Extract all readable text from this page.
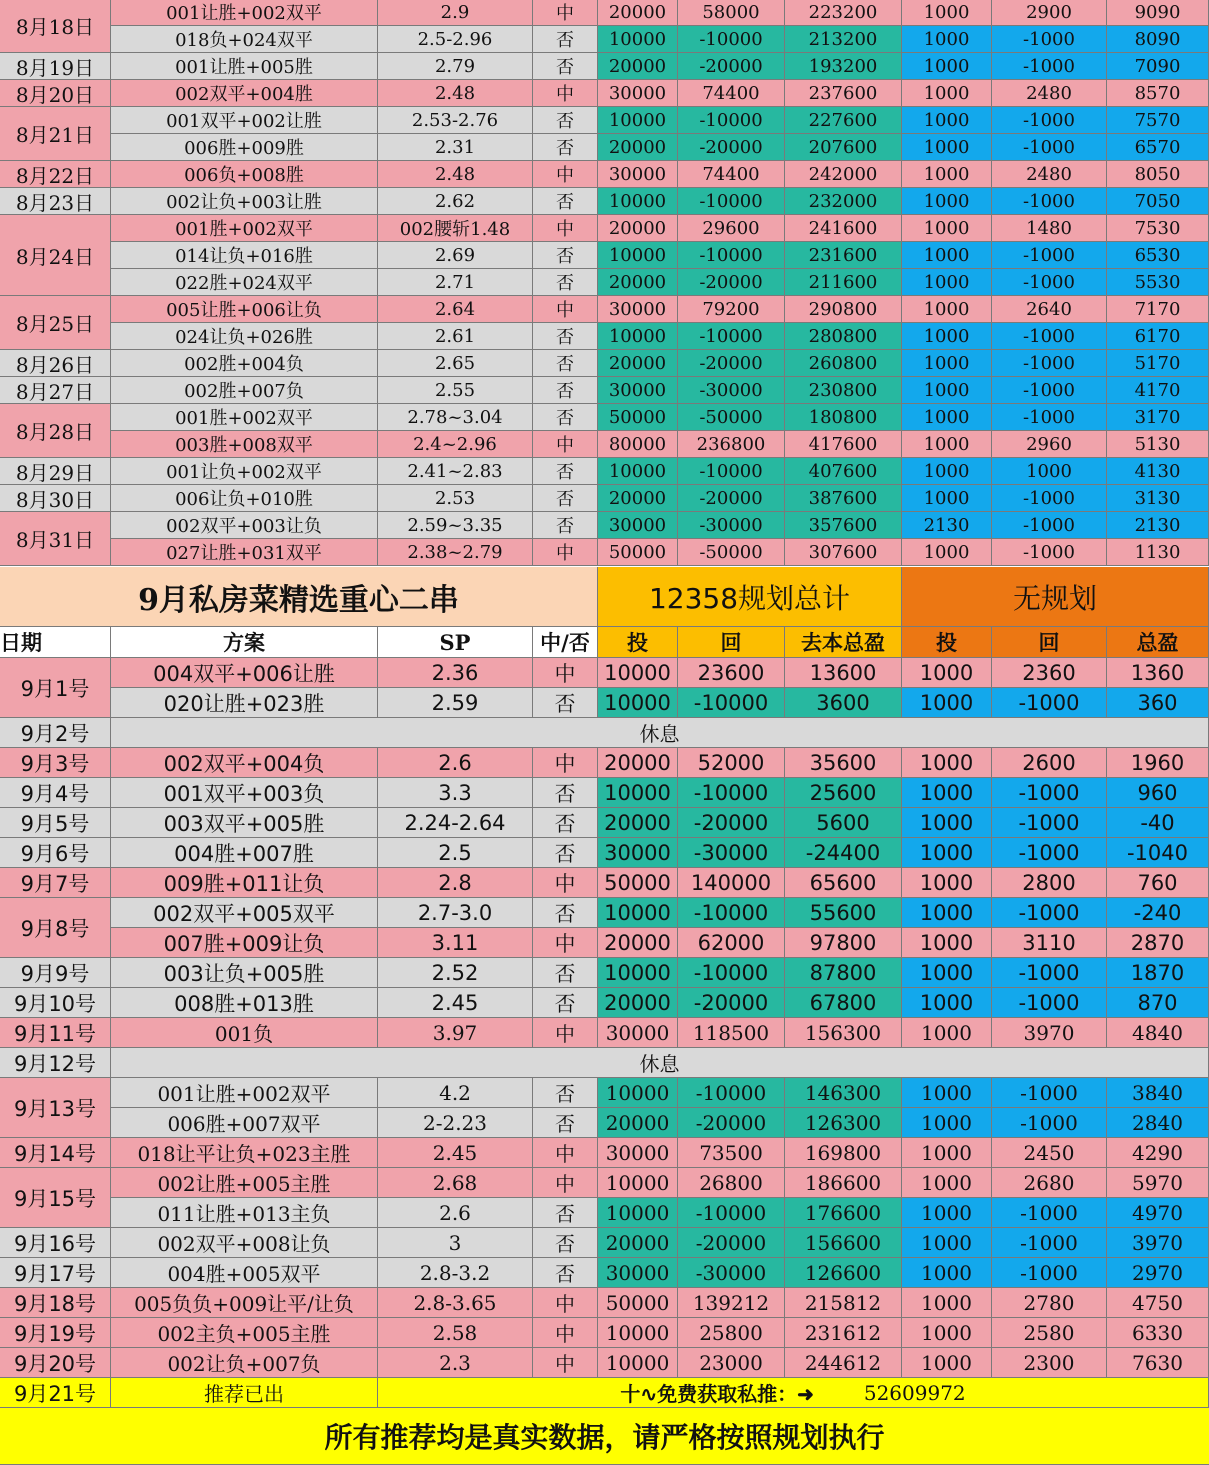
8月18日
001让胜+002双平	2.9	中	20000	58000	223200	1000	2900	9090
018负+024双平	2.5-2.96	否	10000	-10000	213200	1000	-1000	8090
8月19日	001让胜+005胜	2.79	否	20000	-20000	193200	1000	-1000	7090
8月20日	002双平+004胜	2.48	中	30000	74400	237600	1000	2480	8570
8月21日
001双平+002让胜	2.53-2.76	否	10000	-10000	227600	1000	-1000	7570
006胜+009胜	2.31	否	20000	-20000	207600	1000	-1000	6570
8月22日	006负+008胜	2.48	中	30000	74400	242000	1000	2480	8050
8月23日	002让负+003让胜	2.62	否	10000	-10000	232000	1000	-1000	7050
8月24日
001胜+002双平	002腰斩1.48	中	20000	29600	241600	1000	1480	7530
014让负+016胜	2.69	否	10000	-10000	231600	1000	-1000	6530
022胜+024双平	2.71	否	20000	-20000	211600	1000	-1000	5530
8月25日
005让胜+006让负	2.64	中	30000	79200	290800	1000	2640	7170
024让负+026胜	2.61	否	10000	-10000	280800	1000	-1000	6170
8月26日	002胜+004负	2.65	否	20000	-20000	260800	1000	-1000	5170
8月27日	002胜+007负	2.55	否	30000	-30000	230800	1000	-1000	4170
8月28日
001胜+002双平	2.78~3.04	否	50000	-50000	180800	1000	-1000	3170
003胜+008双平	2.4~2.96	中	80000	236800	417600	1000	2960	5130
8月29日	001让负+002双平	2.41~2.83	否	10000	-10000	407600	1000	1000	4130
8月30日	006让负+010胜	2.53	否	20000	-20000	387600	1000	-1000	3130
8月31日
002双平+003让负	2.59~3.35	否	30000	-30000	357600	2130	-1000	2130
027让胜+031双平	2.38~2.79	中	50000	-50000	307600	1000	-1000	1130
9月私房菜精选重心二串	12358规划总计	无规划
日期	方案	SP	中/否	投	回	去本总盈	投	回	总盈
9月1号
004双平+006让胜	2.36	中	10000	23600	13600	1000	2360	1360
020让胜+023胜	2.59	否	10000	-10000	3600	1000	-1000	360
9月2号	休息
9月3号	002双平+004负	2.6	中	20000	52000	35600	1000	2600	1960
9月4号	001双平+003负	3.3	否	10000	-10000	25600	1000	-1000	960
9月5号	003双平+005胜	2.24-2.64	否	20000	-20000	5600	1000	-1000	-40
9月6号	004胜+007胜	2.5	否	30000	-30000	-24400	1000	-1000	-1040
9月7号	009胜+011让负	2.8	中	50000 140000	65600	1000	2800	760
9月8号
002双平+005双平	2.7-3.0	否	10000	-10000	55600	1000	-1000	-240
007胜+009让负	3.11	中	20000	62000	97800	1000	3110	2870
9月9号	003让负+005胜	2.52	否	10000	-10000	87800	1000	-1000	1870
9月10号	008胜+013胜	2.45	否	20000	-20000	67800	1000	-1000	870
9月11号	001负	3.97	中	30000	118500	156300	1000	3970	4840
9月12号	休息
9月13号
001让胜+002双平	4.2	否	10000	-10000	146300	1000	-1000	3840
006胜+007双平	2-2.23	否	20000	-20000	126300	1000	-1000	2840
9月14号	018让平让负+023主胜	2.45	中	30000	73500	169800	1000	2450	4290
9月15号
002让胜+005主胜	2.68	中	10000	26800	186600	1000	2680	5970
011让胜+013主负	2.6	否	10000	-10000	176600	1000	-1000	4970
9月16号	002双平+008让负	3	否	20000	-20000	156600	1000	-1000	3970
9月17号	004胜+005双平	2.8-3.2	否	30000	-30000	126600	1000	-1000	2970
9月18号	005负负+009让平/让负	2.8-3.65	中	50000	139212	215812	1000	2780	4750
9月19号	002主负+005主胜	2.58	中	10000	25800	231612	1000	2580	6330
9月20号	002让负+007负	2.3	中	10000	23000	244612	1000	2300	7630
9月21号	推荐已出	十∿免费获取私推：➜	52609972
所有推荐均是真实数据，请严格按照规划执行
